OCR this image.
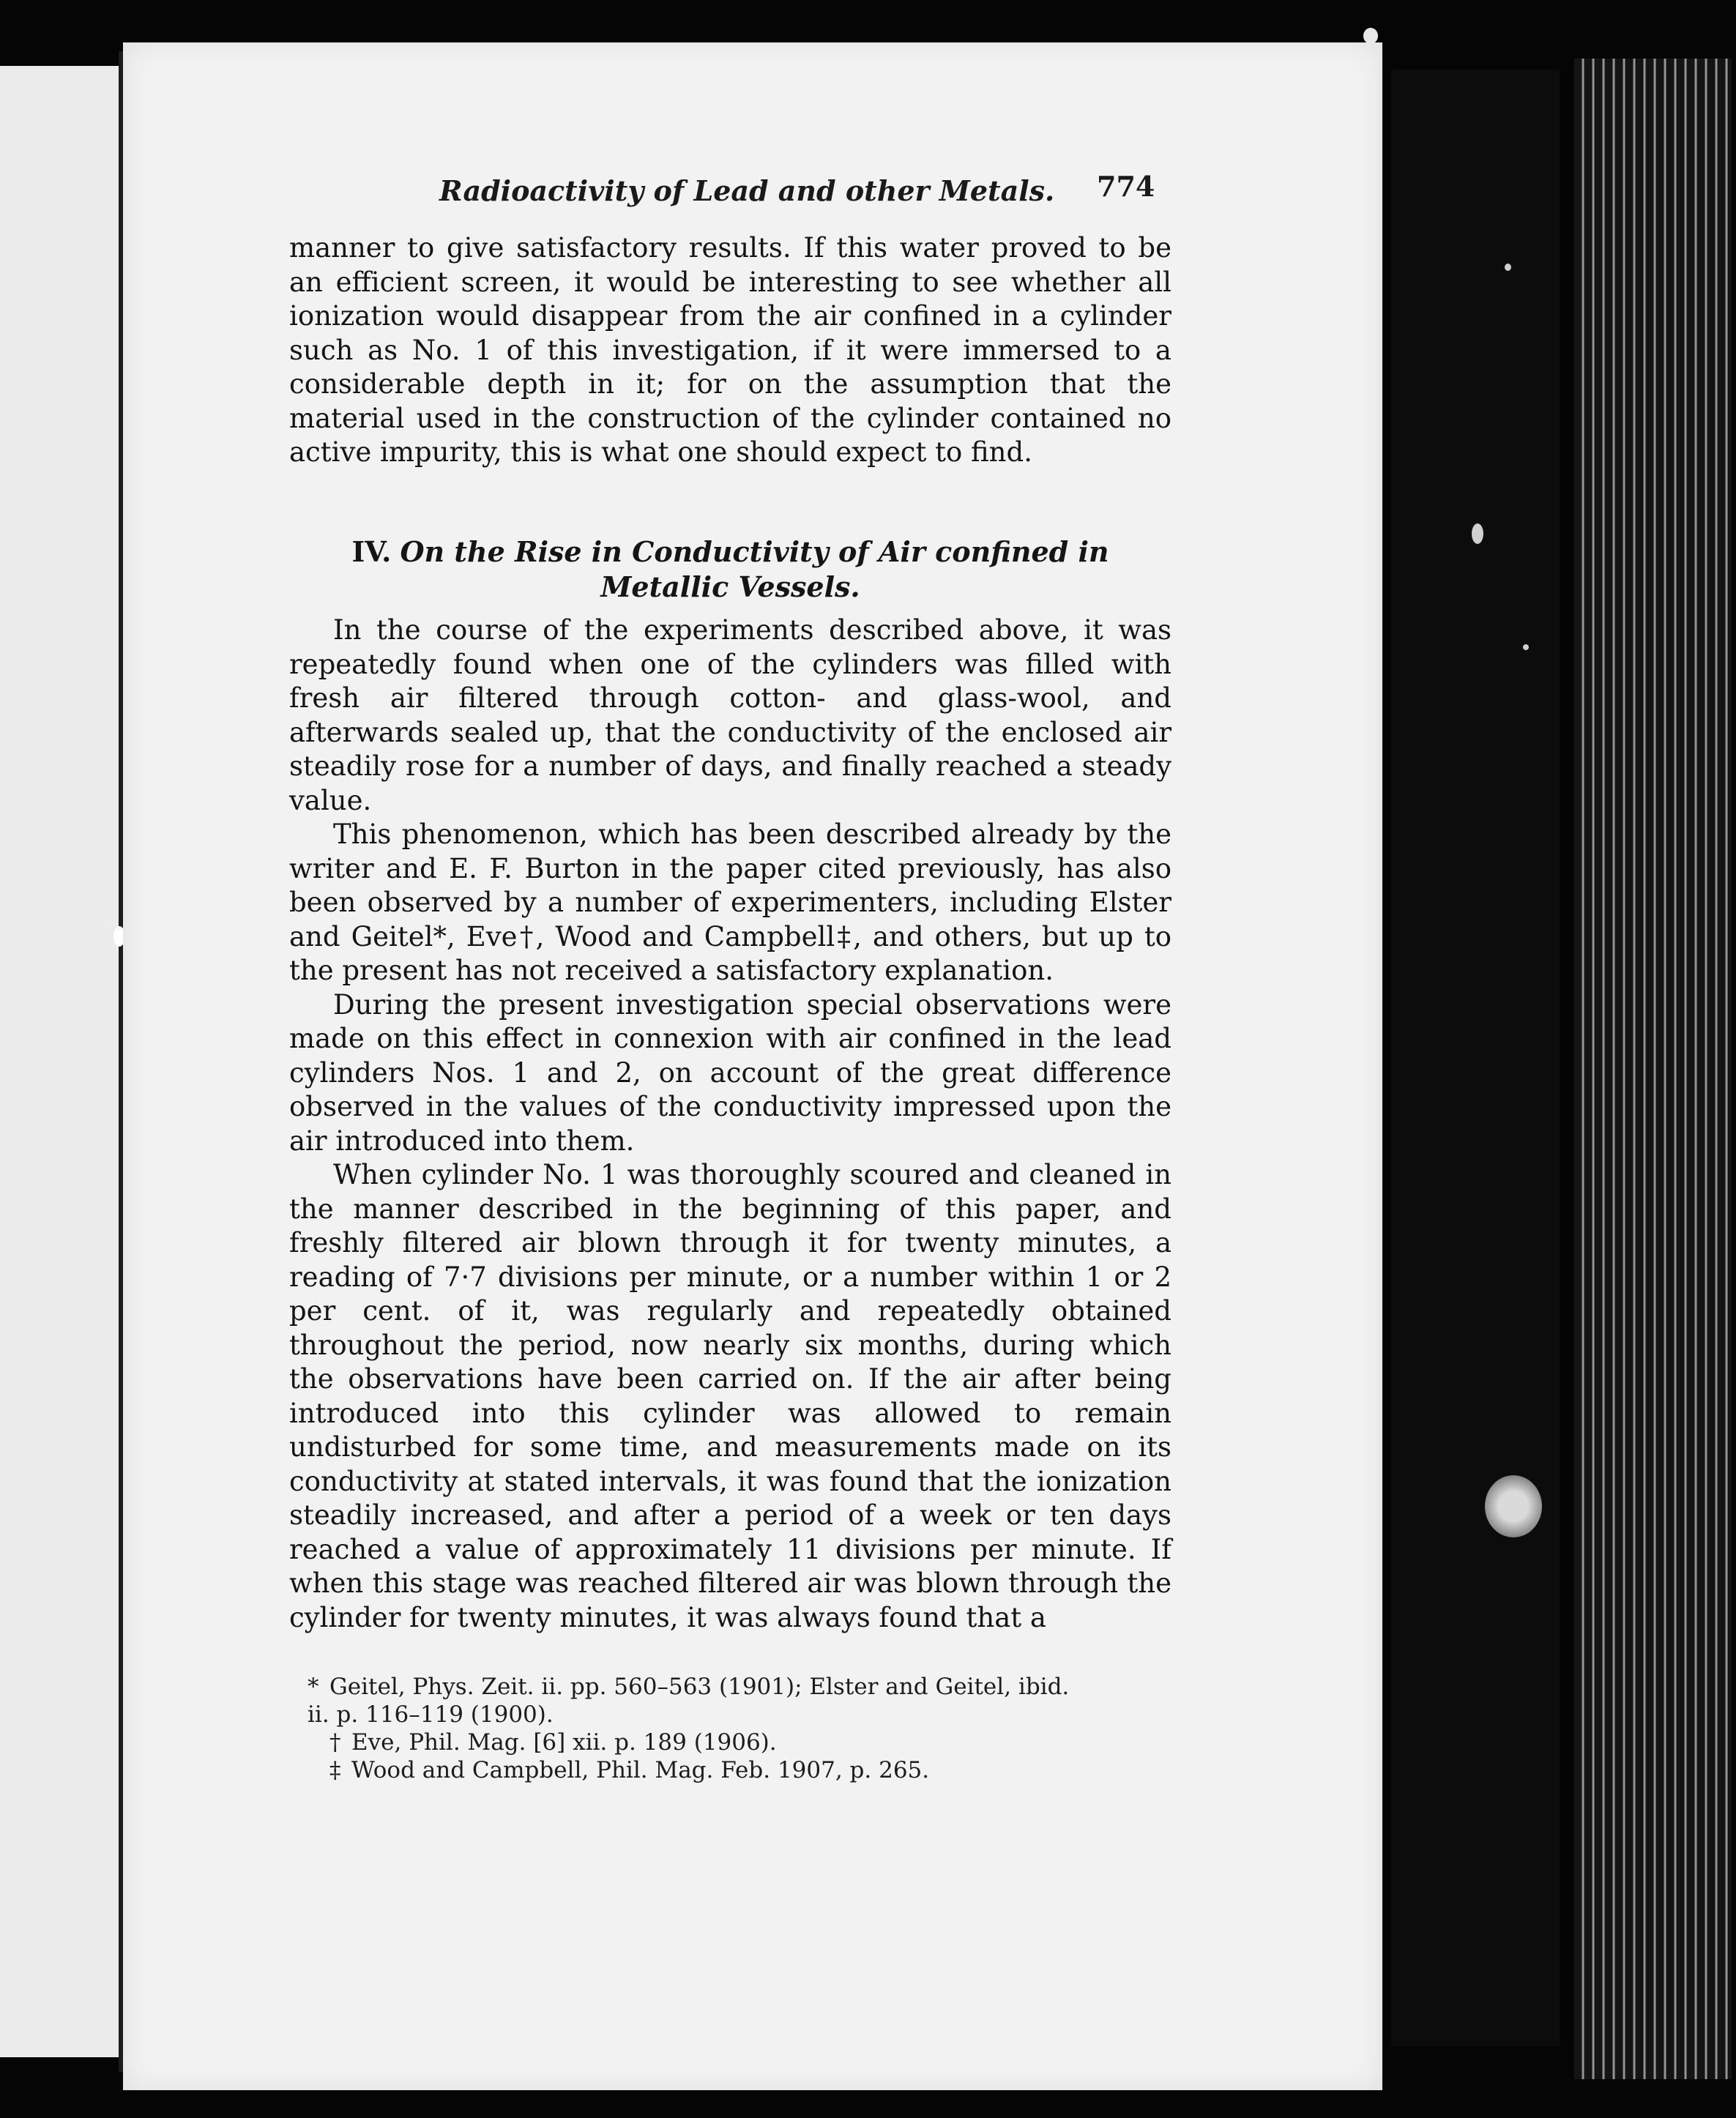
Radioactivity of Lead and other Metals.	774

manner to give satisfactory results. If this water proved to be an efficient screen, it would be interesting to see whether all ionization would disappear from the air confined in a cylinder such as No. 1 of this investigation, if it were immersed to a considerable depth in it; for on the assumption that the material used in the construction of the cylinder contained no active impurity, this is what one should expect to find.

IV. On the Rise in Conductivity of Air confined in
Metallic Vessels.

In the course of the experiments described above, it was repeatedly found when one of the cylinders was filled with fresh air filtered through cotton- and glass-wool, and afterwards sealed up, that the conductivity of the enclosed air steadily rose for a number of days, and finally reached a steady value.

This phenomenon, which has been described already by the writer and E. F. Burton in the paper cited previously, has also been observed by a number of experimenters, including Elster and Geitel*, Eve†, Wood and Campbell‡, and others, but up to the present has not received a satisfactory explanation.

During the present investigation special observations were made on this effect in connexion with air confined in the lead cylinders Nos. 1 and 2, on account of the great difference observed in the values of the conductivity impressed upon the air introduced into them.

When cylinder No. 1 was thoroughly scoured and cleaned in the manner described in the beginning of this paper, and freshly filtered air blown through it for twenty minutes, a reading of 7·7 divisions per minute, or a number within 1 or 2 per cent. of it, was regularly and repeatedly obtained throughout the period, now nearly six months, during which the observations have been carried on. If the air after being introduced into this cylinder was allowed to remain undisturbed for some time, and measurements made on its conductivity at stated intervals, it was found that the ionization steadily increased, and after a period of a week or ten days reached a value of approximately 11 divisions per minute. If when this stage was reached filtered air was blown through the cylinder for twenty minutes, it was always found that a

* Geitel, Phys. Zeit. ii. pp. 560–563 (1901); Elster and Geitel, ibid.

ii. p. 116–119 (1900).

† Eve, Phil. Mag. [6] xii. p. 189 (1906).

‡ Wood and Campbell, Phil. Mag. Feb. 1907, p. 265.
